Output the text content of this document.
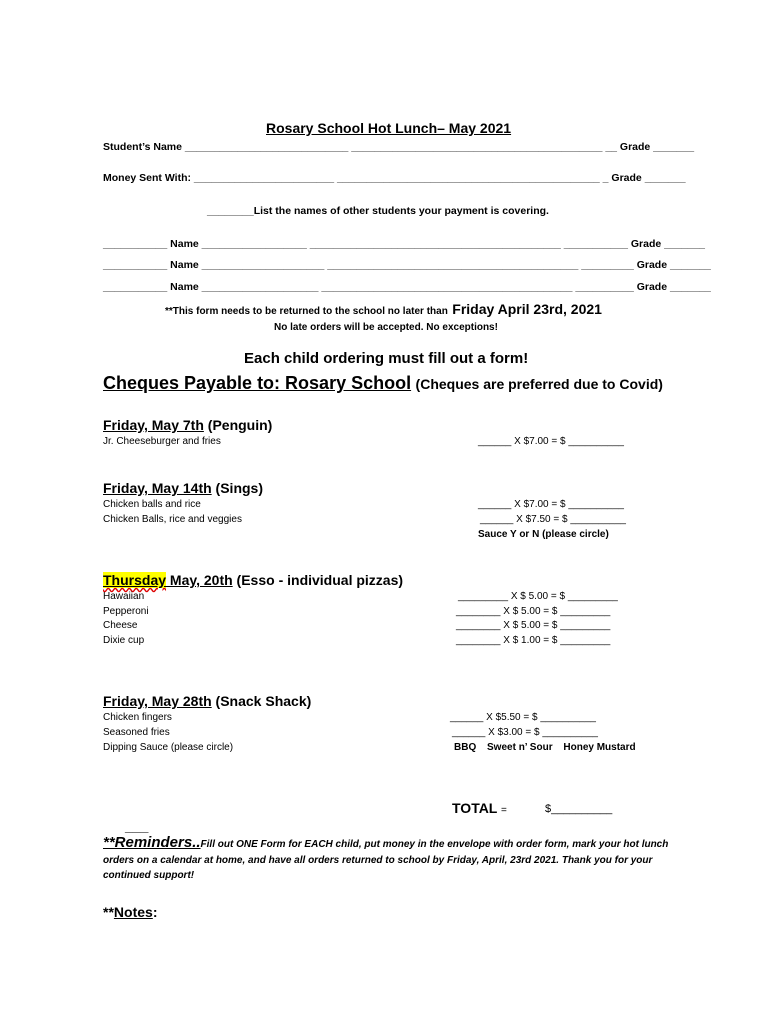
Rosary School Hot Lunch– May 2021
Student’s Name ____________________________ ___________________________________________ __ Grade _______
Money Sent With: ________________________ _____________________________________________ _ Grade _______
________List the names of other students your payment is covering.
___________ Name __________________ ___________________________________________ ___________ Grade _______
___________ Name _____________________ ___________________________________________ _________ Grade _______
___________ Name ____________________ ___________________________________________ __________ Grade _______
**This form needs to be returned to the school no later than Friday April 23rd, 2021
No late orders will be accepted. No exceptions!
Each child ordering must fill out a form!
Cheques Payable to: Rosary School (Cheques are preferred due to Covid)
Friday, May 7th (Penguin)
Jr. Cheeseburger and fries	______ X $7.00 = $ __________
Friday, May 14th (Sings)
Chicken balls and rice
Chicken Balls, rice and veggies
______ X $7.00 = $ __________
______ X $7.50 = $ __________
Sauce Y or N (please circle)
Thursday May, 20th (Esso - individual pizzas)
Hawaiian
Pepperoni
Cheese
Dixie cup
_________ X $ 5.00 = $ _________
________ X $ 5.00 = $ _________
________ X $ 5.00 = $ _________
________ X $ 1.00 = $ _________
Friday, May 28th (Snack Shack)
Chicken fingers
Seasoned fries
Dipping Sauce (please circle)
______ X $5.50 = $ __________
______ X $3.00 = $ __________
BBQ Sweet n’ Sour Honey Mustard
TOTAL =	$__________
___
**Reminders..Fill out ONE Form for EACH child, put money in the envelope with order form, mark your hot lunch
orders on a calendar at home, and have all orders returned to school by Friday, April, 23rd 2021. Thank you for your
continued support!
**Notes:
